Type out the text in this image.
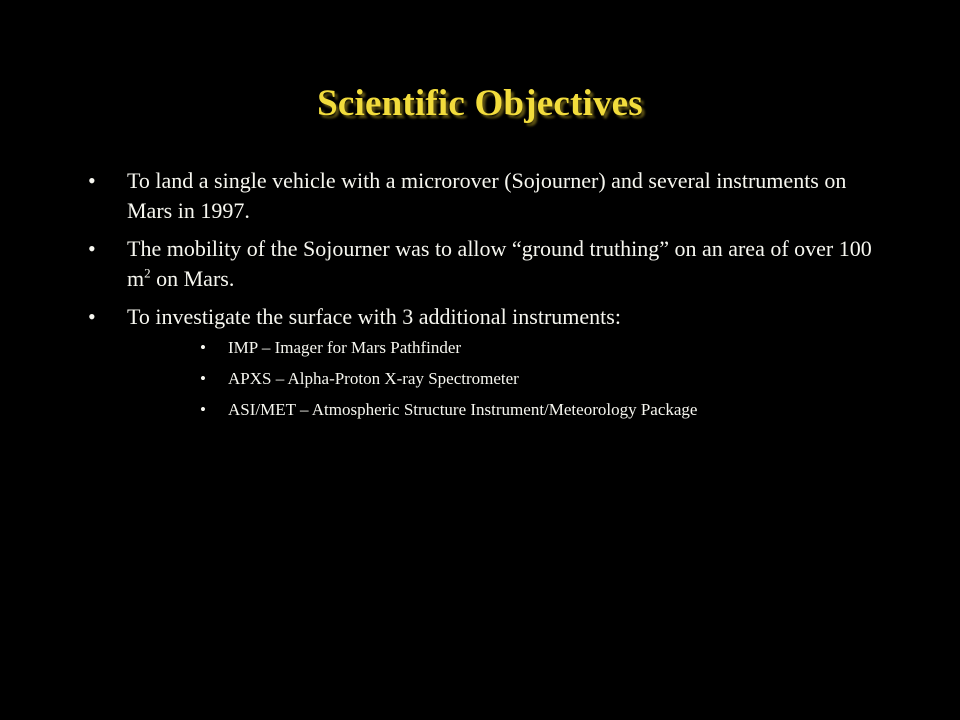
Scientific Objectives
• To land a single vehicle with a microrover (Sojourner) and several instruments on Mars in 1997.
• The mobility of the Sojourner was to allow “ground truthing” on an area of over 100 $m^2$ on Mars.
• To investigate the surface with 3 additional instruments:
• IMP – Imager for Mars Pathfinder
• APXS – Alpha-Proton X-ray Spectrometer
• ASI/MET – Atmospheric Structure Instrument/Meteorology Package
